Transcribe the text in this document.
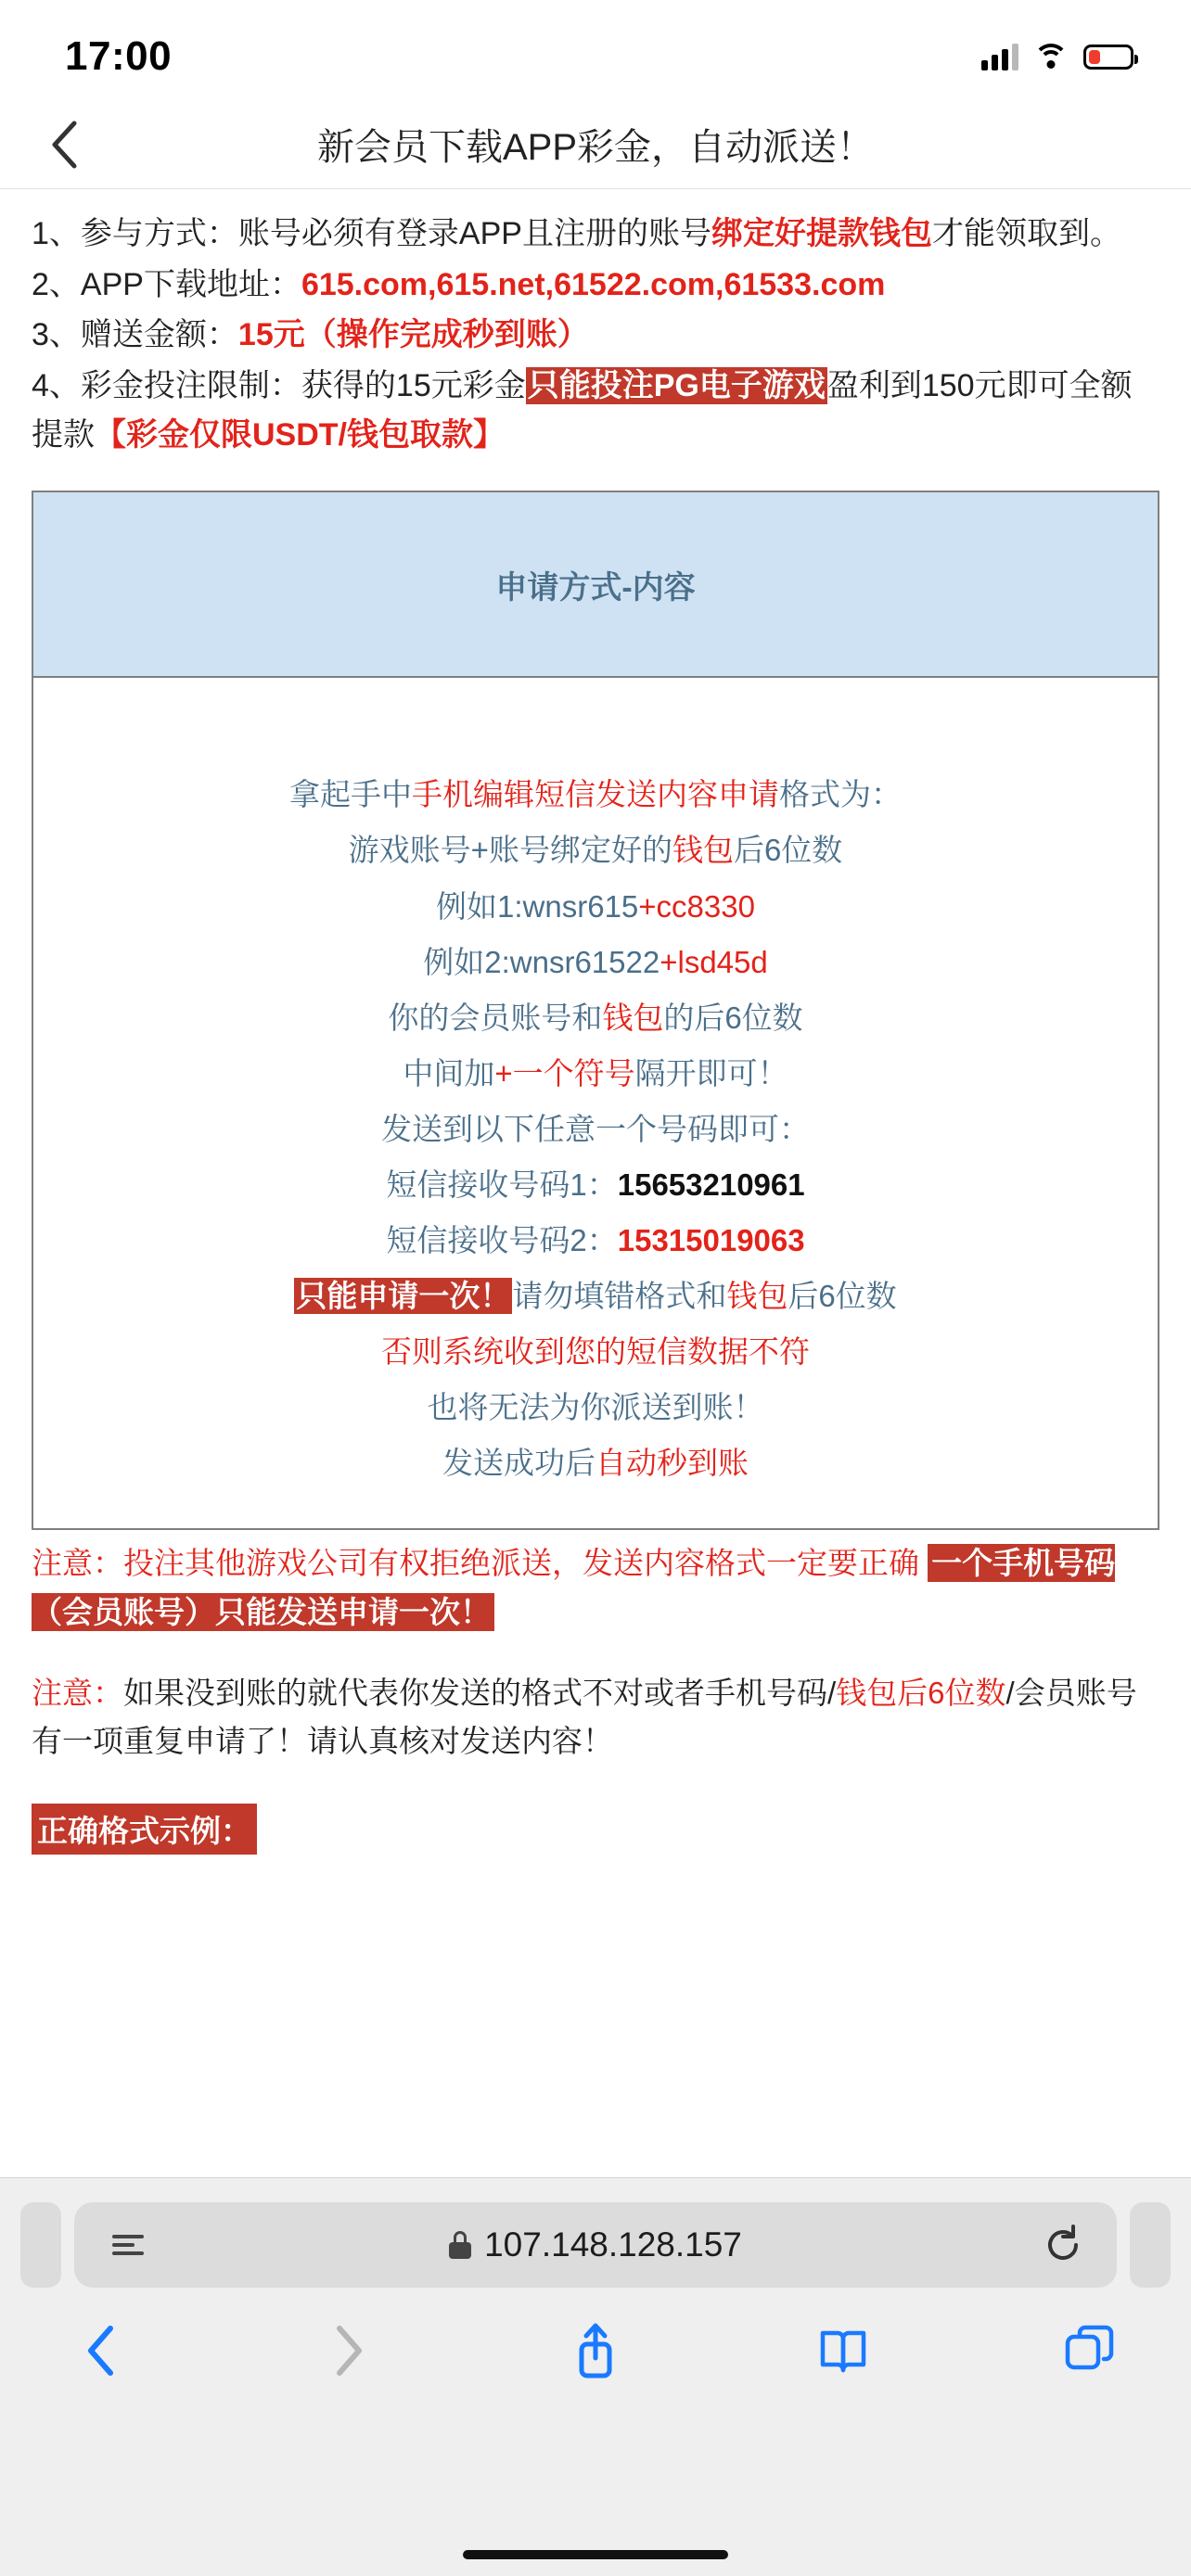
17:00
新会员下载APP彩金，自动派送！
1、参与方式：账号必须有登录APP且注册的账号绑定好提款钱包才能领取到。
2、APP下载地址：615.com,615.net,61522.com,61533.com
3、赠送金额：15元（操作完成秒到账）
4、彩金投注限制：获得的15元彩金只能投注PG电子游戏盈利到150元即可全额提款【彩金仅限USDT/钱包取款】
申请方式-内容
拿起手中手机编辑短信发送内容申请格式为：
游戏账号+账号绑定好的钱包后6位数
例如1:wnsr615+cc8330
例如2:wnsr61522+lsd45d
你的会员账号和钱包的后6位数
中间加+一个符号隔开即可！
发送到以下任意一个号码即可：
短信接收号码1：15653210961
短信接收号码2：15315019063
只能申请一次！请勿填错格式和钱包后6位数
否则系统收到您的短信数据不符
也将无法为你派送到账！
发送成功后自动秒到账
注意：投注其他游戏公司有权拒绝派送，发送内容格式一定要正确 一个手机号码（会员账号）只能发送申请一次！
注意：如果没到账的就代表你发送的格式不对或者手机号码/钱包后6位数/会员账号有一项重复申请了！请认真核对发送内容！
正确格式示例：
107.148.128.157
